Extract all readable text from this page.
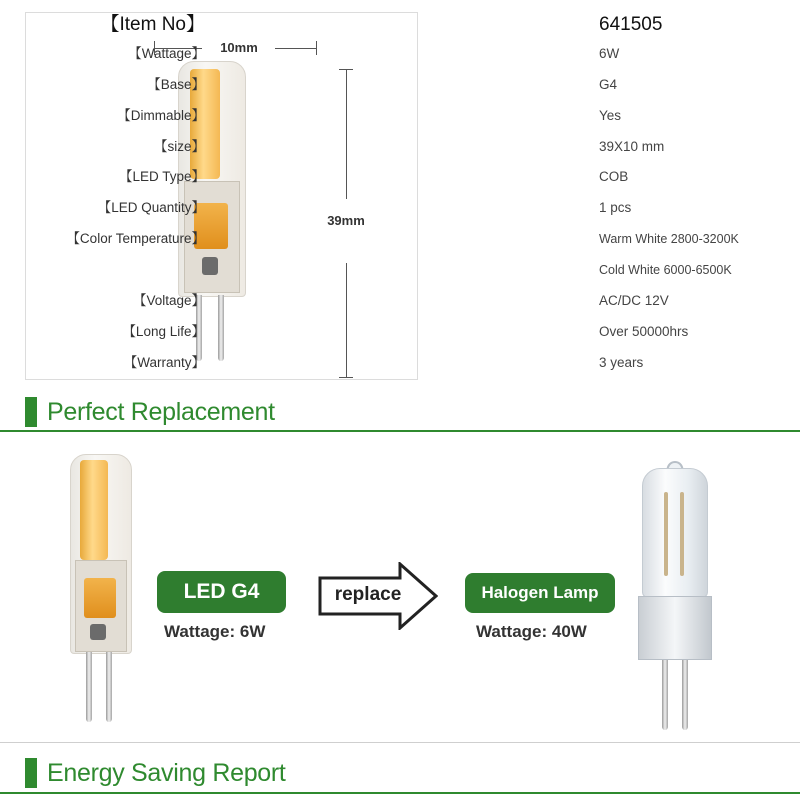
10mm
39mm
【Item No】	641505
【Wattage】	6W
【Base】	G4
【Dimmable】	Yes
【size】	39X10 mm
【LED Type】	COB
【LED Quantity】	1 pcs
【Color Temperature】	Warm White 2800-3200K
Cold White 6000-6500K
【Voltage】	AC/DC 12V
【Long Life】	Over 50000hrs
【Warranty】	3 years
Perfect Replacement
LED G4
Wattage: 6W
replace	Halogen Lamp
Wattage: 40W
Energy Saving Report
